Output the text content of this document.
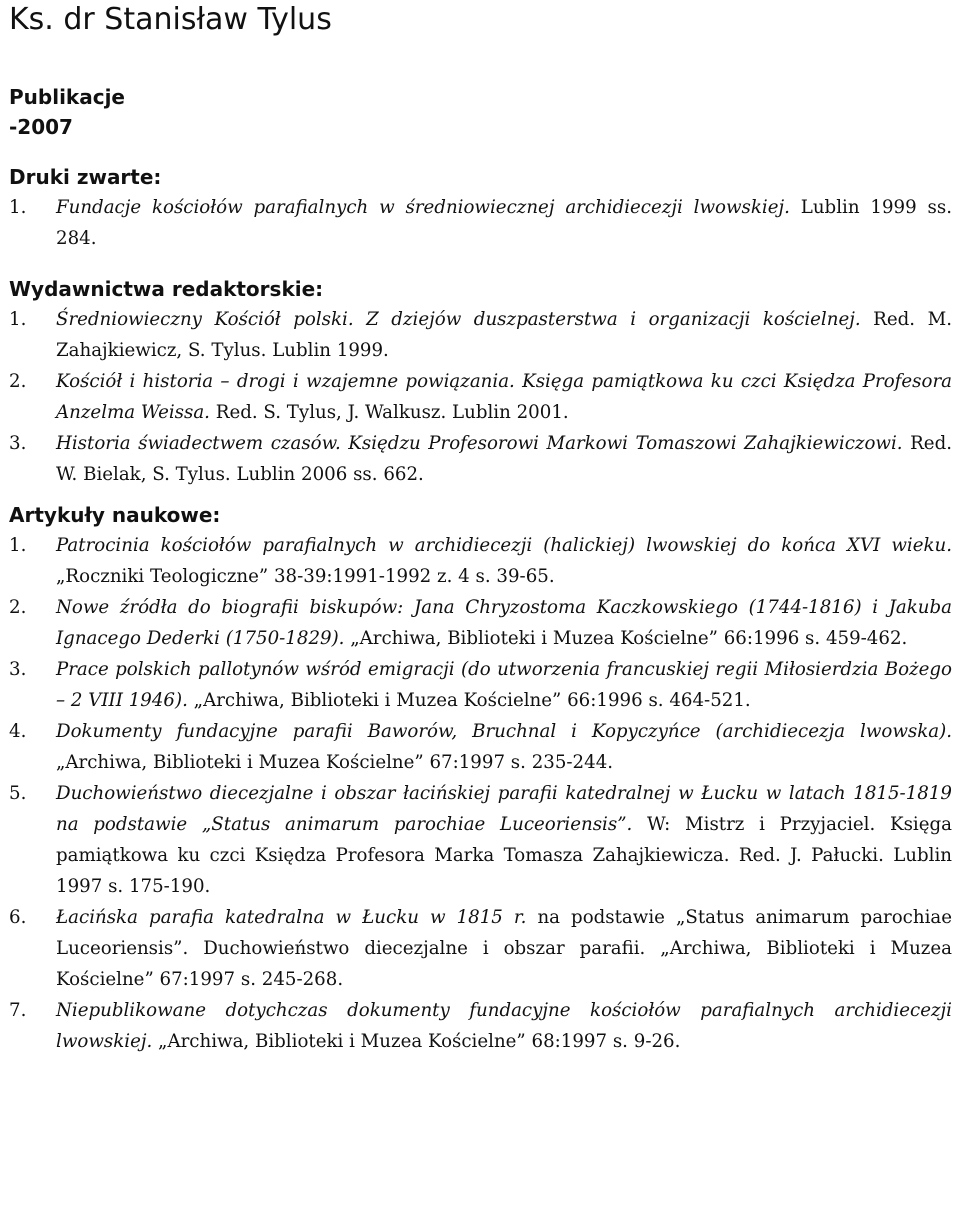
Ks. dr Stanisław Tylus
Publikacje
-2007
Druki zwarte:
1. Fundacje kościołów parafialnych w średniowiecznej archidiecezji lwowskiej. Lublin 1999 ss. 284.
Wydawnictwa redaktorskie:
1. Średniowieczny Kościół polski. Z dziejów duszpasterstwa i organizacji kościelnej. Red. M. Zahajkiewicz, S. Tylus. Lublin 1999.
2. Kościół i historia – drogi i wzajemne powiązania. Księga pamiątkowa ku czci Księdza Profesora Anzelma Weissa. Red. S. Tylus, J. Walkusz. Lublin 2001.
3. Historia świadectwem czasów. Księdzu Profesorowi Markowi Tomaszowi Zahajkiewiczowi. Red. W. Bielak, S. Tylus. Lublin 2006 ss. 662.
Artykuły naukowe:
1. Patrocinia kościołów parafialnych w archidiecezji (halickiej) lwowskiej do końca XVI wieku. „Roczniki Teologiczne” 38-39:1991-1992 z. 4 s. 39-65.
2. Nowe źródła do biografii biskupów: Jana Chryzostoma Kaczkowskiego (1744-1816) i Jakuba Ignacego Dederki (1750-1829). „Archiwa, Biblioteki i Muzea Kościelne” 66:1996 s. 459-462.
3. Prace polskich pallotynów wśród emigracji (do utworzenia francuskiej regii Miłosierdzia Bożego – 2 VIII 1946). „Archiwa, Biblioteki i Muzea Kościelne” 66:1996 s. 464-521.
4. Dokumenty fundacyjne parafii Baworów, Bruchnal i Kopyczyńce (archidiecezja lwowska). „Archiwa, Biblioteki i Muzea Kościelne” 67:1997 s. 235-244.
5. Duchowieństwo diecezjalne i obszar łacińskiej parafii katedralnej w Łucku w latach 1815-1819 na podstawie „Status animarum parochiae Luceoriensis”. W: Mistrz i Przyjaciel. Księga pamiątkowa ku czci Księdza Profesora Marka Tomasza Zahajkiewicza. Red. J. Pałucki. Lublin 1997 s. 175-190.
6. Łacińska parafia katedralna w Łucku w 1815 r. na podstawie „Status animarum parochiae Luceoriensis”. Duchowieństwo diecezjalne i obszar parafii. „Archiwa, Biblioteki i Muzea Kościelne” 67:1997 s. 245-268.
7. Niepublikowane dotychczas dokumenty fundacyjne kościołów parafialnych archidiecezji lwowskiej. „Archiwa, Biblioteki i Muzea Kościelne” 68:1997 s. 9-26.
